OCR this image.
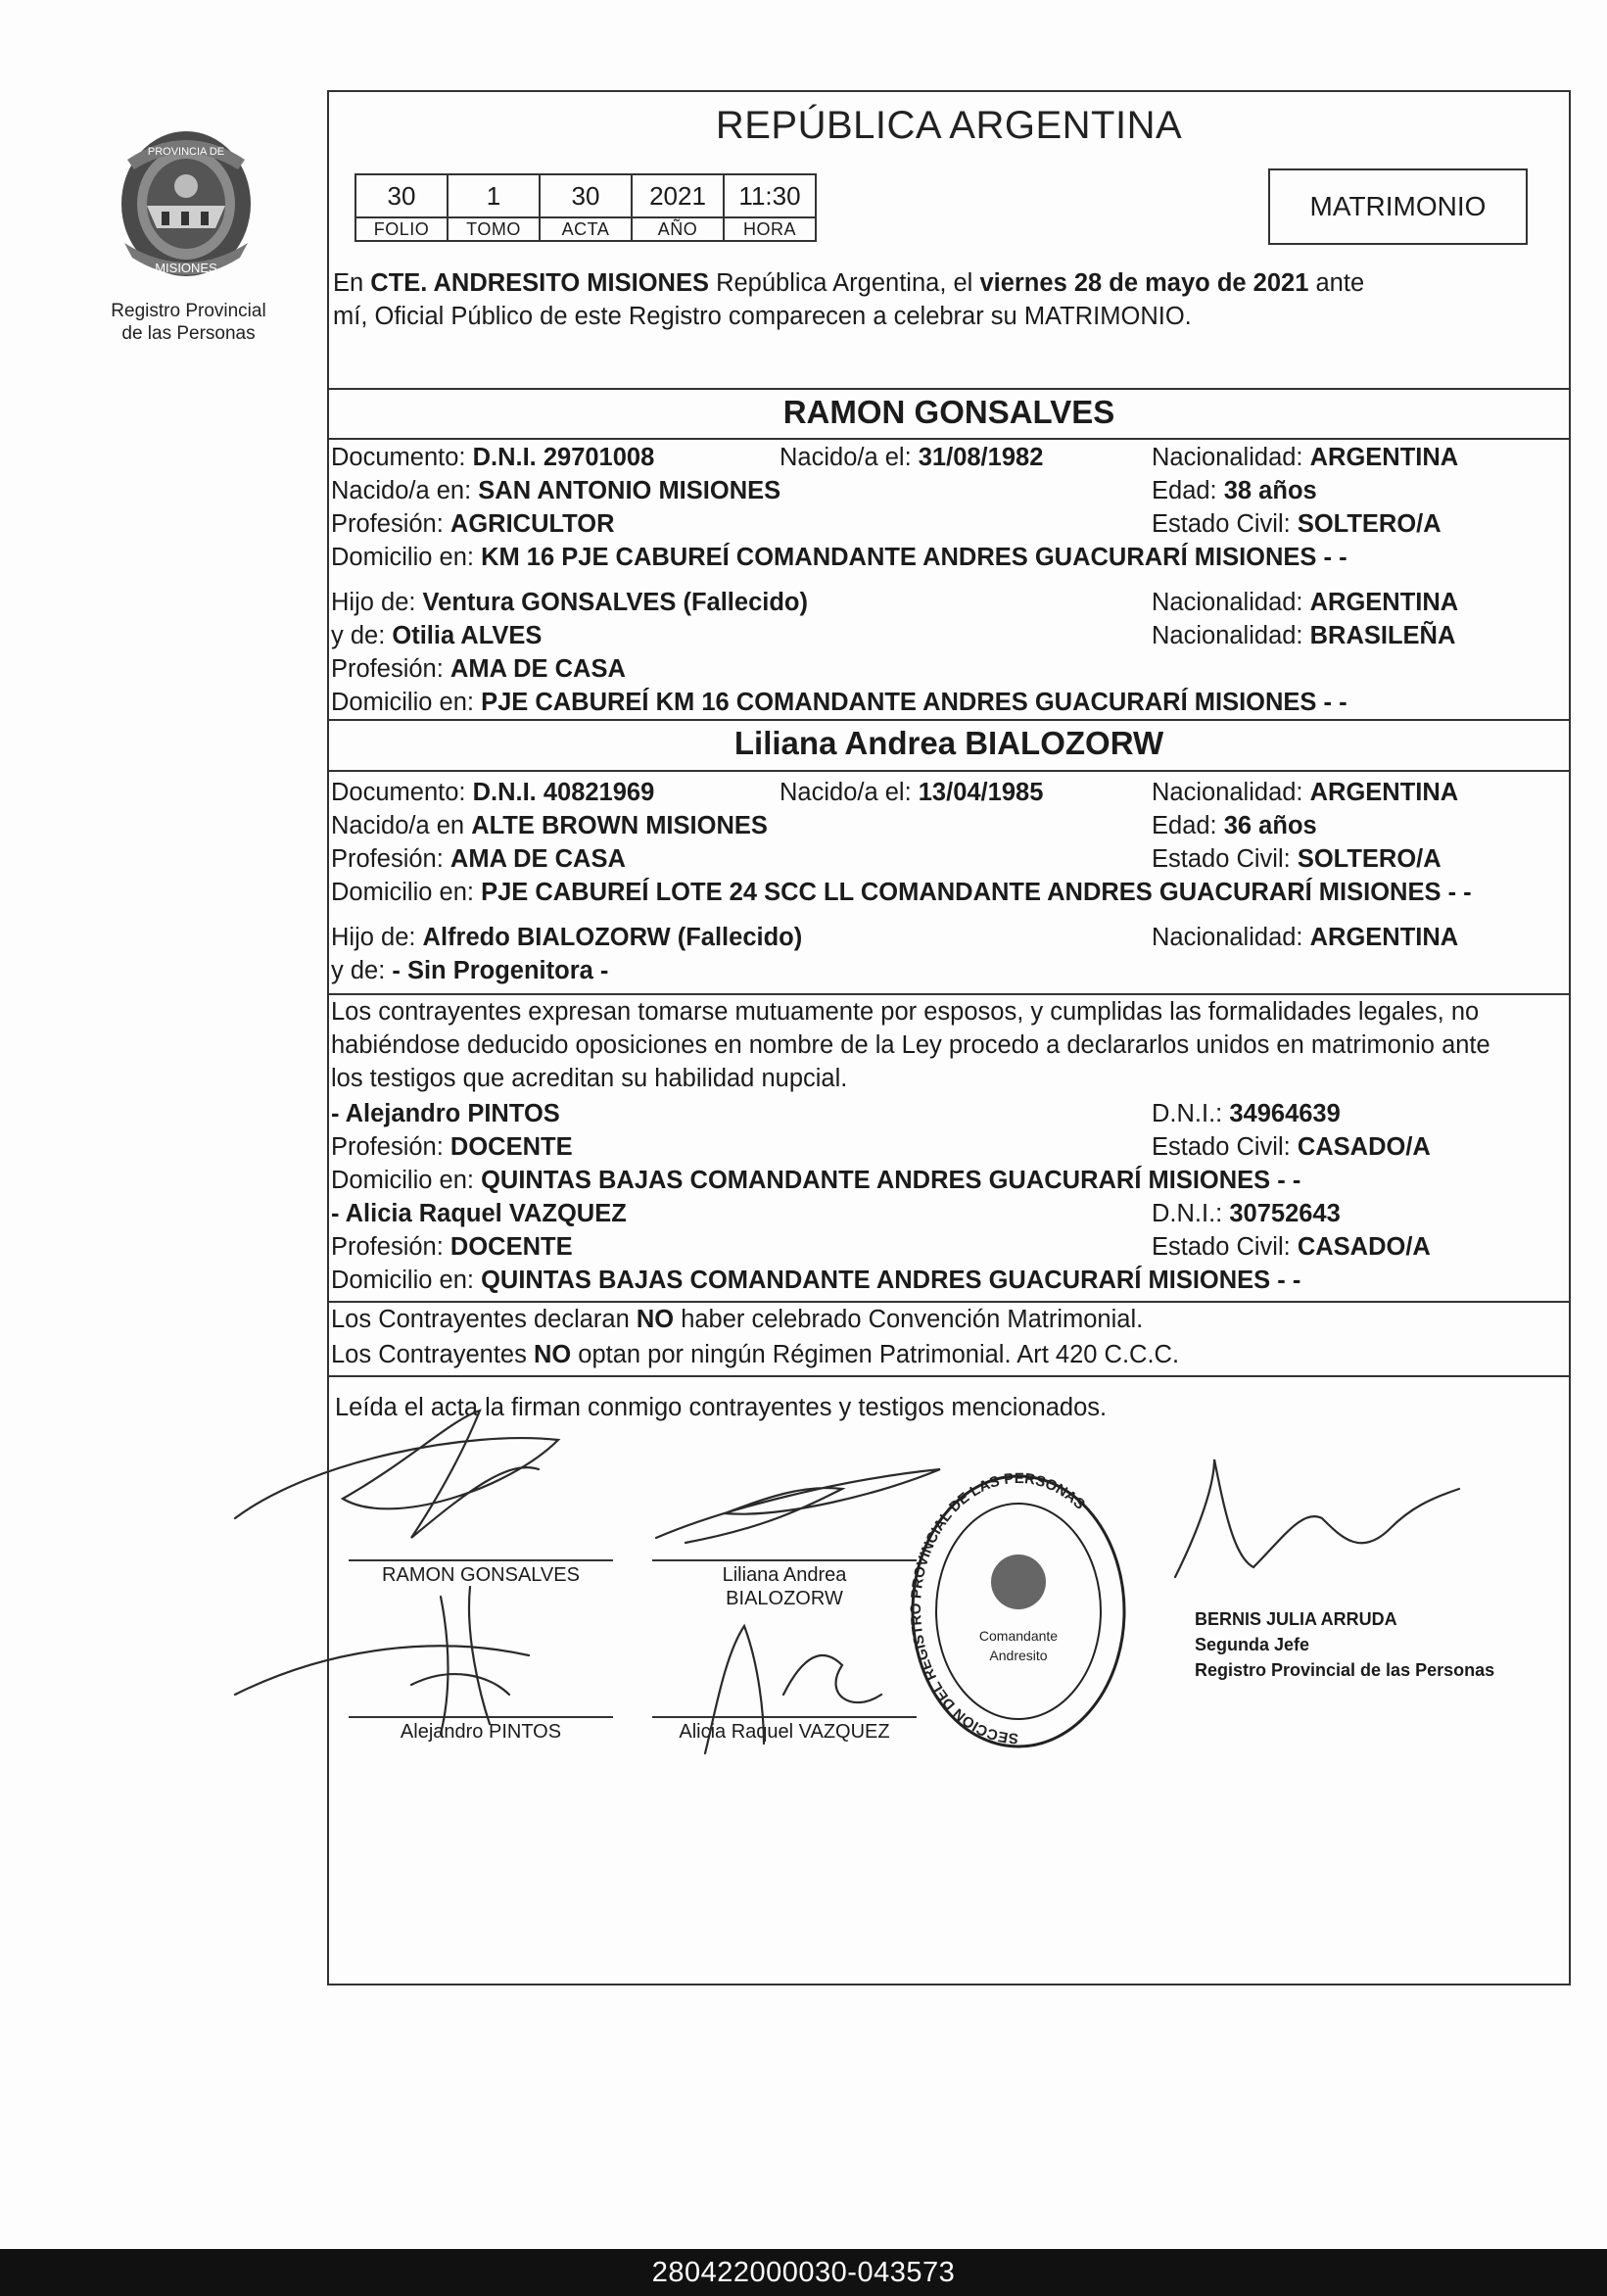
PROVINCIA DE
MISIONES
Registro Provincial
de las Personas
REPÚBLICA ARGENTINA
30	1	30	2021	11:30
FOLIO	TOMO	ACTA	AÑO	HORA
MATRIMONIO
En CTE. ANDRESITO MISIONES República Argentina, el viernes 28 de mayo de 2021 ante
mí, Oficial Público de este Registro comparecen a celebrar su MATRIMONIO.
RAMON GONSALVES
Documento: D.N.I. 29701008	Nacido/a el: 31/08/1982	Nacionalidad: ARGENTINA
Nacido/a en: SAN ANTONIO MISIONES	Edad: 38 años
Profesión: AGRICULTOR	Estado Civil: SOLTERO/A
Domicilio en: KM 16 PJE CABUREÍ COMANDANTE ANDRES GUACURARÍ MISIONES - -
Hijo de: Ventura GONSALVES (Fallecido)	Nacionalidad: ARGENTINA
y de: Otilia ALVES	Nacionalidad: BRASILEÑA
Profesión: AMA DE CASA
Domicilio en: PJE CABUREÍ KM 16 COMANDANTE ANDRES GUACURARÍ MISIONES - -
Liliana Andrea BIALOZORW
Documento: D.N.I. 40821969	Nacido/a el: 13/04/1985	Nacionalidad: ARGENTINA
Nacido/a en ALTE BROWN MISIONES	Edad: 36 años
Profesión: AMA DE CASA	Estado Civil: SOLTERO/A
Domicilio en: PJE CABUREÍ LOTE 24 SCC LL COMANDANTE ANDRES GUACURARÍ MISIONES - -
Hijo de: Alfredo BIALOZORW (Fallecido)	Nacionalidad: ARGENTINA
y de: - Sin Progenitora -
Los contrayentes expresan tomarse mutuamente por esposos, y cumplidas las formalidades legales, no
habiéndose deducido oposiciones en nombre de la Ley procedo a declararlos unidos en matrimonio ante
los testigos que acreditan su habilidad nupcial.
- Alejandro PINTOS	D.N.I.: 34964639
Profesión: DOCENTE	Estado Civil: CASADO/A
Domicilio en: QUINTAS BAJAS COMANDANTE ANDRES GUACURARÍ MISIONES - -
- Alicia Raquel VAZQUEZ	D.N.I.: 30752643
Profesión: DOCENTE	Estado Civil: CASADO/A
Domicilio en: QUINTAS BAJAS COMANDANTE ANDRES GUACURARÍ MISIONES - -
Los Contrayentes declaran NO haber celebrado Convención Matrimonial.
Los Contrayentes NO optan por ningún Régimen Patrimonial. Art 420 C.C.C.
Leída el acta la firman conmigo contrayentes y testigos mencionados.
RAMON GONSALVES	Liliana Andrea
BIALOZORW
Alejandro PINTOS	Alicia Raquel VAZQUEZ	SECCION DEL REGISTRO PROVINCIAL DE LAS PERSONAS
Comandante
Andresito
BERNIS JULIA ARRUDA
Segunda Jefe
Registro Provincial de las Personas
280422000030-043573
